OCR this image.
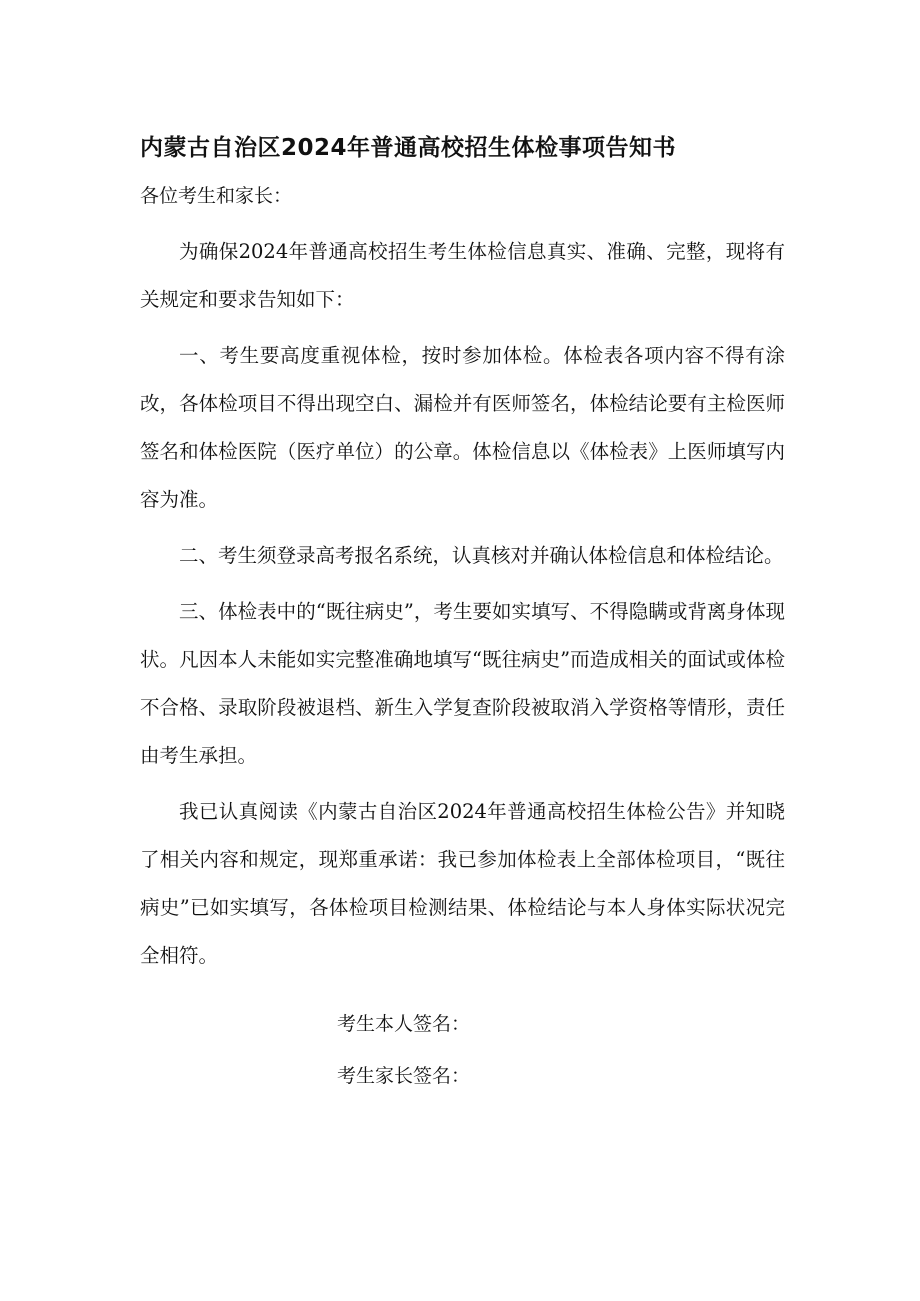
内蒙古自治区2024年普通高校招生体检事项告知书

各位考生和家长：

为确保2024年普通高校招生考生体检信息真实、准确、完整，现将有关规定和要求告知如下：

一、考生要高度重视体检，按时参加体检。体检表各项内容不得有涂改，各体检项目不得出现空白、漏检并有医师签名，体检结论要有主检医师签名和体检医院（医疗单位）的公章。体检信息以《体检表》上医师填写内容为准。

二、考生须登录高考报名系统，认真核对并确认体检信息和体检结论。

三、体检表中的“既往病史”，考生要如实填写、不得隐瞒或背离身体现状。凡因本人未能如实完整准确地填写“既往病史”而造成相关的面试或体检不合格、录取阶段被退档、新生入学复查阶段被取消入学资格等情形，责任由考生承担。

我已认真阅读《内蒙古自治区2024年普通高校招生体检公告》并知晓了相关内容和规定，现郑重承诺：我已参加体检表上全部体检项目，“既往病史”已如实填写，各体检项目检测结果、体检结论与本人身体实际状况完全相符。

考生本人签名：

考生家长签名：
